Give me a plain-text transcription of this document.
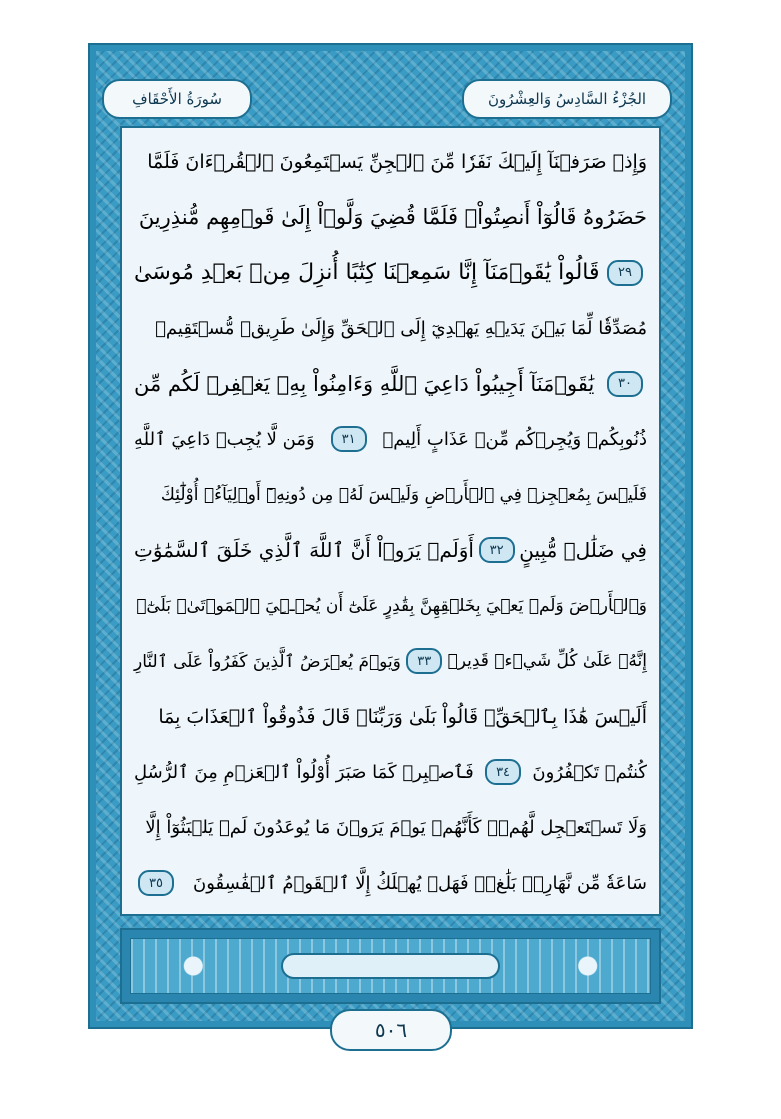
سُورَةُ الأَحْقَافِ	الجُزْءُ السَّادِسُ وَالعِشْرُونَ
وَإِذۡ صَرَفۡنَآ إِلَيۡكَ نَفَرٗا مِّنَ ٱلۡجِنِّ يَسۡتَمِعُونَ ٱلۡقُرۡءَانَ فَلَمَّا
حَضَرُوهُ قَالُوٓاْ أَنصِتُواْۖ فَلَمَّا قُضِيَ وَلَّوۡاْ إِلَىٰ قَوۡمِهِم مُّنذِرِينَ
٢٩
قَالُواْ يَٰقَوۡمَنَآ إِنَّا سَمِعۡنَا كِتَٰبًا أُنزِلَ مِنۢ بَعۡدِ مُوسَىٰ
مُصَدِّقٗا لِّمَا بَيۡنَ يَدَيۡهِ يَهۡدِيٓ إِلَى ٱلۡحَقِّ وَإِلَىٰ طَرِيقٖ مُّسۡتَقِيمٖ
٣٠
يَٰقَوۡمَنَآ أَجِيبُواْ دَاعِيَ ٱللَّهِ وَءَامِنُواْ بِهِۦ يَغۡفِرۡ لَكُم مِّن
ذُنُوبِكُمۡ وَيُجِرۡكُم مِّنۡ عَذَابٍ أَلِيمٖ
٣١
وَمَن لَّا يُجِبۡ دَاعِيَ ٱللَّهِ
فَلَيۡسَ بِمُعۡجِزٖ فِي ٱلۡأَرۡضِ وَلَيۡسَ لَهُۥ مِن دُونِهِۦٓ أَوۡلِيَآءُۚ أُوْلَٰٓئِكَ
فِي ضَلَٰلٖ مُّبِينٍ
٣٢
أَوَلَمۡ يَرَوۡاْ أَنَّ ٱللَّهَ ٱلَّذِي خَلَقَ ٱلسَّمَٰوَٰتِ
وَٱلۡأَرۡضَ وَلَمۡ يَعۡيَ بِخَلۡقِهِنَّ بِقَٰدِرٍ عَلَىٰٓ أَن يُحۡـِۧيَ ٱلۡمَوۡتَىٰۚ بَلَىٰٓۚ
إِنَّهُۥ عَلَىٰ كُلِّ شَيۡءٖ قَدِيرٞ
٣٣
وَيَوۡمَ يُعۡرَضُ ٱلَّذِينَ كَفَرُواْ عَلَى ٱلنَّارِ
أَلَيۡسَ هَٰذَا بِٱلۡحَقِّۖ قَالُواْ بَلَىٰ وَرَبِّنَاۚ قَالَ فَذُوقُواْ ٱلۡعَذَابَ بِمَا
كُنتُمۡ تَكۡفُرُونَ
٣٤
فَٱصۡبِرۡ كَمَا صَبَرَ أُوْلُواْ ٱلۡعَزۡمِ مِنَ ٱلرُّسُلِ
وَلَا تَسۡتَعۡجِل لَّهُمۡۚ كَأَنَّهُمۡ يَوۡمَ يَرَوۡنَ مَا يُوعَدُونَ لَمۡ يَلۡبَثُوٓاْ إِلَّا
سَاعَةٗ مِّن نَّهَارِۭۚ بَلَٰغٞۚ فَهَلۡ يُهۡلَكُ إِلَّا ٱلۡقَوۡمُ ٱلۡفَٰسِقُونَ
٣٥
٥٠٦
